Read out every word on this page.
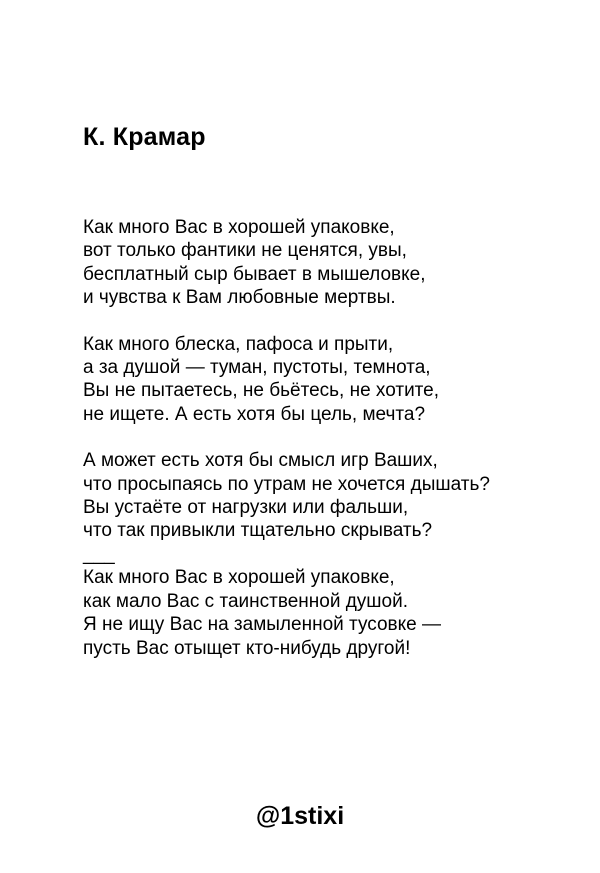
К. Крамар
Как много Вас в хорошей упаковке,
вот только фантики не ценятся, увы,
бесплатный сыр бывает в мышеловке,
и чувства к Вам любовные мертвы.
Как много блеска, пафоса и прыти,
а за душой — туман, пустоты, темнота,
Вы не пытаетесь, не бьётесь, не хотите,
не ищете. А есть хотя бы цель, мечта?
А может есть хотя бы смысл игр Ваших,
что просыпаясь по утрам не хочется дышать?
Вы устаёте от нагрузки или фальши,
что так привыкли тщательно скрывать?
___
Как много Вас в хорошей упаковке,
как мало Вас с таинственной душой.
Я не ищу Вас на замыленной тусовке —
пусть Вас отыщет кто-нибудь другой!
@1stixi
